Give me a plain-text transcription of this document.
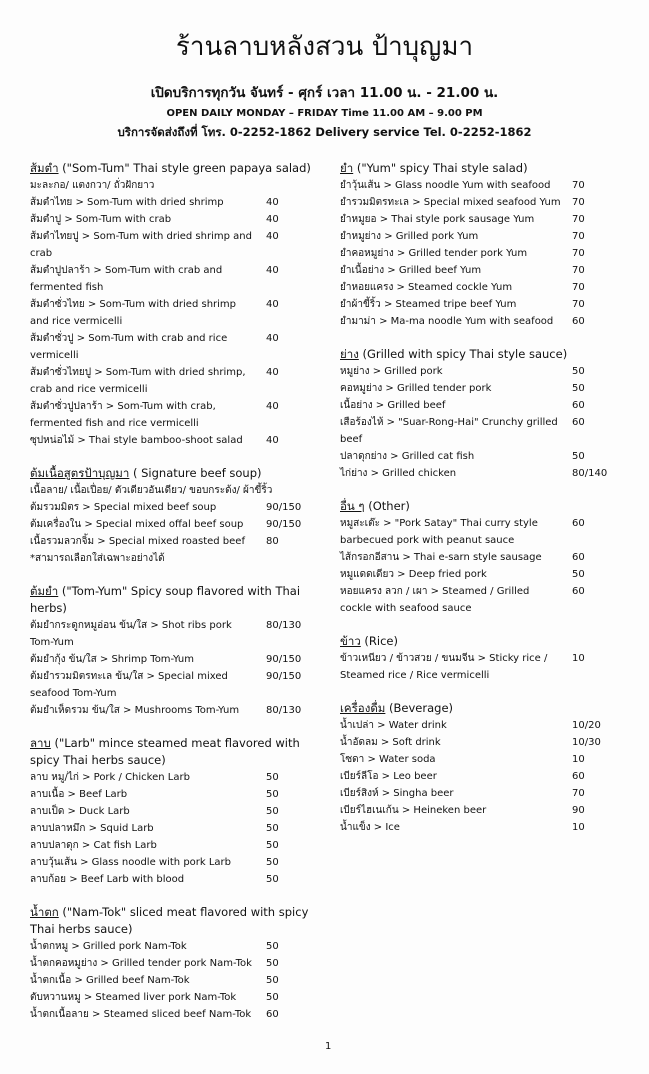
ร้านลาบหลังสวน ป้าบุญมา
เปิดบริการทุกวัน จันทร์ - ศุกร์ เวลา 11.00 น. - 21.00 น.
OPEN DAILY MONDAY – FRIDAY Time 11.00 AM – 9.00 PM
บริการจัดส่งถึงที่ โทร. 0-2252-1862 Delivery service Tel. 0-2252-1862
ส้มตำ ("Som-Tum" Thai style green papaya salad)
มะละกอ/ แตงกวา/ ถั่วฝักยาว
ส้มตำไทย > Som-Tum with dried shrimp	40
ส้มตำปู > Som-Tum with crab	40
ส้มตำไทยปู > Som-Tum with dried shrimp and crab
40
ส้มตำปูปลาร้า > Som-Tum with crab and fermented fish
40
ส้มตำซั่วไทย > Som-Tum with dried shrimp and rice vermicelli
40
ส้มตำซั่วปู > Som-Tum with crab and rice vermicelli
40
ส้มตำซั่วไทยปู > Som-Tum with dried shrimp, crab and rice vermicelli
40
ส้มตำซั่วปูปลาร้า > Som-Tum with crab, fermented fish and rice vermicelli
40
ซุปหน่อไม้ > Thai style bamboo-shoot salad	40
ต้มเนื้อสูตรป้าบุญมา ( Signature beef soup)
เนื้อลาย/ เนื้อเปื่อย/ ตัวเดียวอันเดียว/ ขอบกระด้ง/ ผ้าขี้ริ้ว
ต้มรวมมิตร > Special mixed beef soup	90/150
ต้มเครื่องใน > Special mixed offal beef soup	90/150
เนื้อรวมลวกจิ้ม > Special mixed roasted beef	80
*สามารถเลือกใส่เฉพาะอย่างได้
ต้มยำ ("Tom-Yum" Spicy soup flavored with Thai herbs)
ต้มยำกระดูกหมูอ่อน ข้น/ใส > Shot ribs pork Tom-Yum
80/130
ต้มยำกุ้ง ข้น/ใส > Shrimp Tom-Yum	90/150
ต้มยำรวมมิตรทะเล ข้น/ใส > Special mixed seafood Tom-Yum
90/150
ต้มยำเห็ดรวม ข้น/ใส > Mushrooms Tom-Yum	80/130
ลาบ ("Larb" mince steamed meat flavored with spicy Thai herbs sauce)
ลาบ หมู/ไก่ > Pork / Chicken Larb	50
ลาบเนื้อ > Beef Larb	50
ลาบเป็ด > Duck Larb	50
ลาบปลาหมึก > Squid Larb	50
ลาบปลาดุก > Cat fish Larb	50
ลาบวุ้นเส้น > Glass noodle with pork Larb	50
ลาบก้อย > Beef Larb with blood	50
น้ำตก ("Nam-Tok" sliced meat flavored with spicy Thai herbs sauce)
น้ำตกหมู > Grilled pork Nam-Tok	50
น้ำตกคอหมูย่าง > Grilled tender pork Nam-Tok	50
น้ำตกเนื้อ > Grilled beef Nam-Tok	50
ตับหวานหมู > Steamed liver pork Nam-Tok	50
น้ำตกเนื้อลาย > Steamed sliced beef Nam-Tok	60
ยำ ("Yum" spicy Thai style salad)
ยำวุ้นเส้น > Glass noodle Yum with seafood	70
ยำรวมมิตรทะเล > Special mixed seafood Yum 70
ยำหมูยอ > Thai style pork sausage Yum	70
ยำหมูย่าง > Grilled pork Yum	70
ยำคอหมูย่าง > Grilled tender pork Yum	70
ยำเนื้อย่าง > Grilled beef Yum	70
ยำหอยแครง > Steamed cockle Yum	70
ยำผ้าขี้ริ้ว > Steamed tripe beef Yum	70
ยำมาม่า > Ma-ma noodle Yum with seafood	60
ย่าง (Grilled with spicy Thai style sauce)
หมูย่าง > Grilled pork	50
คอหมูย่าง > Grilled tender pork	50
เนื้อย่าง > Grilled beef	60
เสือร้องไห้ > "Suar-Rong-Hai" Crunchy grilled beef
60
ปลาดุกย่าง > Grilled cat fish	50
ไก่ย่าง > Grilled chicken	80/140
อื่น ๆ (Other)
หมูสะเต๊ะ > "Pork Satay" Thai curry style barbecued pork with peanut sauce
60
ไส้กรอกอีสาน > Thai e-sarn style sausage	60
หมูแดดเดียว > Deep fried pork	50
หอยแครง ลวก / เผา > Steamed / Grilled cockle with seafood sauce
60
ข้าว (Rice)
ข้าวเหนียว / ข้าวสวย / ขนมจีน > Sticky rice / Steamed rice / Rice vermicelli
10
เครื่องดื่ม (Beverage)
น้ำเปล่า > Water drink	10/20
น้ำอัดลม > Soft drink	10/30
โซดา > Water soda	10
เบียร์ลีโอ > Leo beer	60
เบียร์สิงห์ > Singha beer	70
เบียร์ไฮเนเก้น > Heineken beer	90
น้ำแข็ง > Ice	10
1
